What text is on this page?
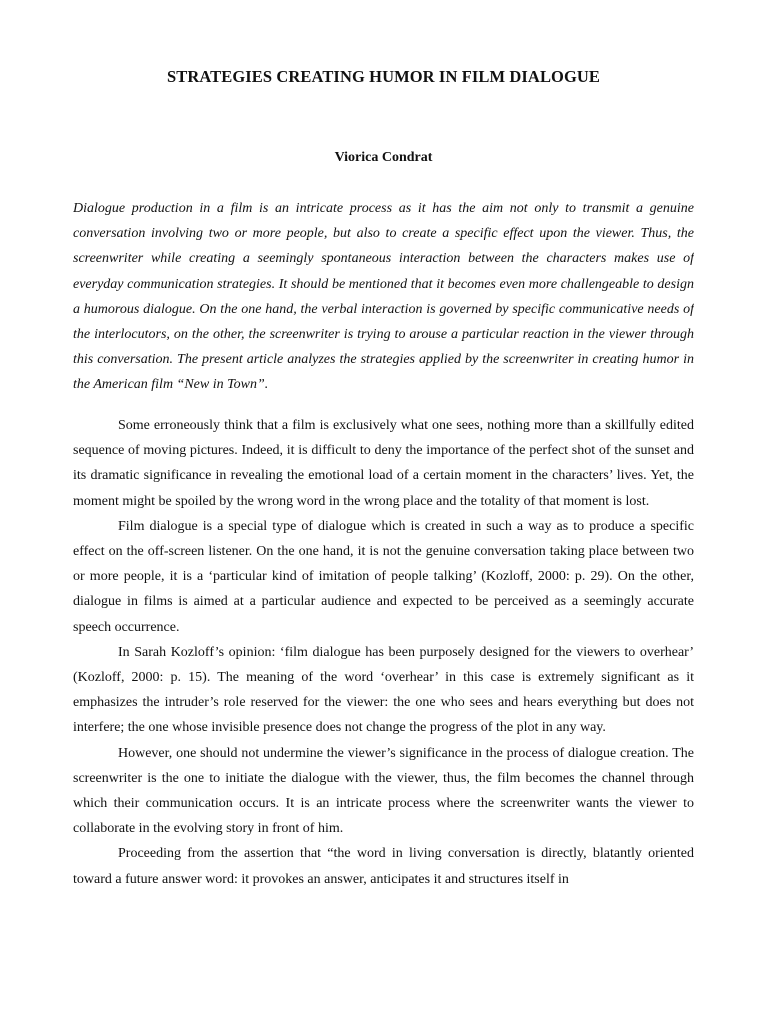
STRATEGIES CREATING HUMOR IN FILM DIALOGUE
Viorica Condrat

Dialogue production in a film is an intricate process as it has the aim not only to transmit a genuine conversation involving two or more people, but also to create a specific effect upon the viewer. Thus, the screenwriter while creating a seemingly spontaneous interaction between the characters makes use of everyday communication strategies. It should be mentioned that it becomes even more challengeable to design a humorous dialogue. On the one hand, the verbal interaction is governed by specific communicative needs of the interlocutors, on the other, the screenwriter is trying to arouse a particular reaction in the viewer through this conversation. The present article analyzes the strategies applied by the screenwriter in creating humor in the American film “New in Town”.

Some erroneously think that a film is exclusively what one sees, nothing more than a skillfully edited sequence of moving pictures. Indeed, it is difficult to deny the importance of the perfect shot of the sunset and its dramatic significance in revealing the emotional load of a certain moment in the characters’ lives. Yet, the moment might be spoiled by the wrong word in the wrong place and the totality of that moment is lost.

Film dialogue is a special type of dialogue which is created in such a way as to produce a specific effect on the off-screen listener. On the one hand, it is not the genuine conversation taking place between two or more people, it is a ‘particular kind of imitation of people talking’ (Kozloff, 2000: p. 29). On the other, dialogue in films is aimed at a particular audience and expected to be perceived as a seemingly accurate speech occurrence.

In Sarah Kozloff’s opinion: ‘film dialogue has been purposely designed for the viewers to overhear’ (Kozloff, 2000: p. 15). The meaning of the word ‘overhear’ in this case is extremely significant as it emphasizes the intruder’s role reserved for the viewer: the one who sees and hears everything but does not interfere; the one whose invisible presence does not change the progress of the plot in any way.

However, one should not undermine the viewer’s significance in the process of dialogue creation. The screenwriter is the one to initiate the dialogue with the viewer, thus, the film becomes the channel through which their communication occurs. It is an intricate process where the screenwriter wants the viewer to collaborate in the evolving story in front of him.

Proceeding from the assertion that “the word in living conversation is directly, blatantly oriented toward a future answer word: it provokes an answer, anticipates it and structures itself in
